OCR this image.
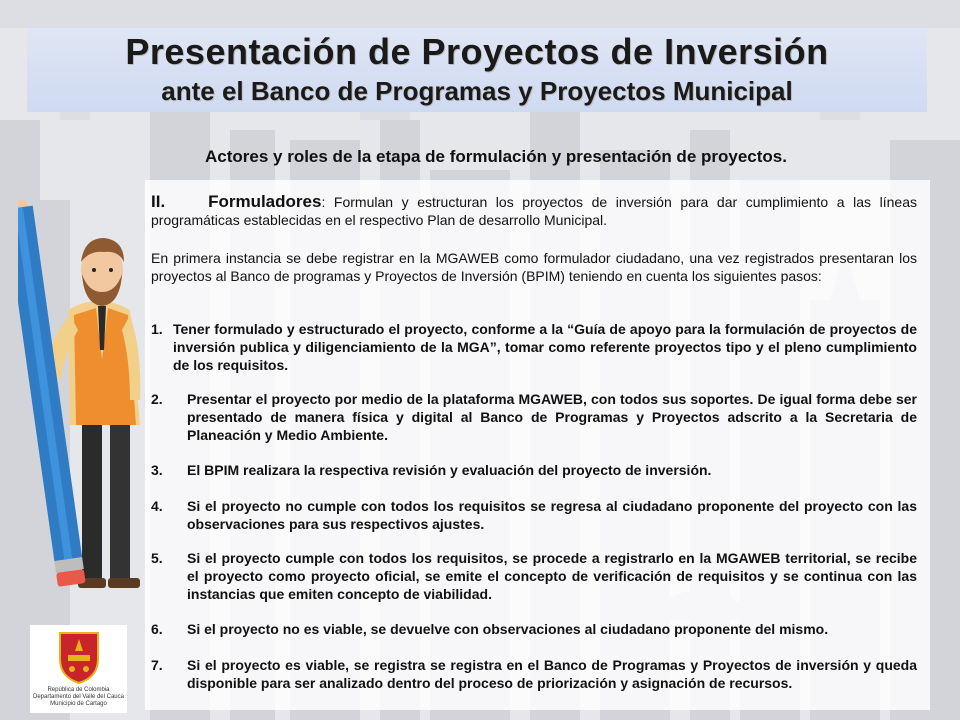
Presentación de Proyectos de Inversión
ante el Banco de Programas y Proyectos Municipal
Actores y roles de la etapa de formulación y presentación de proyectos.
II.	Formuladores: Formulan y estructuran los proyectos de inversión para dar cumplimiento a las líneas programáticas establecidas en el respectivo Plan de desarrollo Municipal.
En primera instancia se debe registrar en la MGAWEB como formulador ciudadano, una vez registrados presentaran los proyectos al Banco de programas y Proyectos de Inversión (BPIM) teniendo en cuenta los siguientes pasos:
1. Tener formulado y estructurado el proyecto, conforme a la “Guía de apoyo para la formulación de proyectos de inversión publica y diligenciamiento de la MGA”, tomar como referente proyectos tipo y el pleno cumplimiento de los requisitos.
2. Presentar el proyecto por medio de la plataforma MGAWEB, con todos sus soportes. De igual forma debe ser presentado de manera física y digital al Banco de Programas y Proyectos adscrito a la Secretaria de Planeación y Medio Ambiente.
3. El BPIM realizara la respectiva revisión y evaluación del proyecto de inversión.
4. Si el proyecto no cumple con todos los requisitos se regresa al ciudadano proponente del proyecto con las observaciones para sus respectivos ajustes.
5. Si el proyecto cumple con todos los requisitos, se procede a registrarlo en la MGAWEB territorial, se recibe el proyecto como proyecto oficial, se emite el concepto de verificación de requisitos y se continua con las instancias que emiten concepto de viabilidad.
6. Si el proyecto no es viable, se devuelve con observaciones al ciudadano proponente del mismo.
7. Si el proyecto es viable, se registra se registra en el Banco de Programas y Proyectos de inversión y queda disponible para ser analizado dentro del proceso de priorización y asignación de recursos.
República de Colombia
Departamento del Valle del Cauca
Municipio de Cartago
